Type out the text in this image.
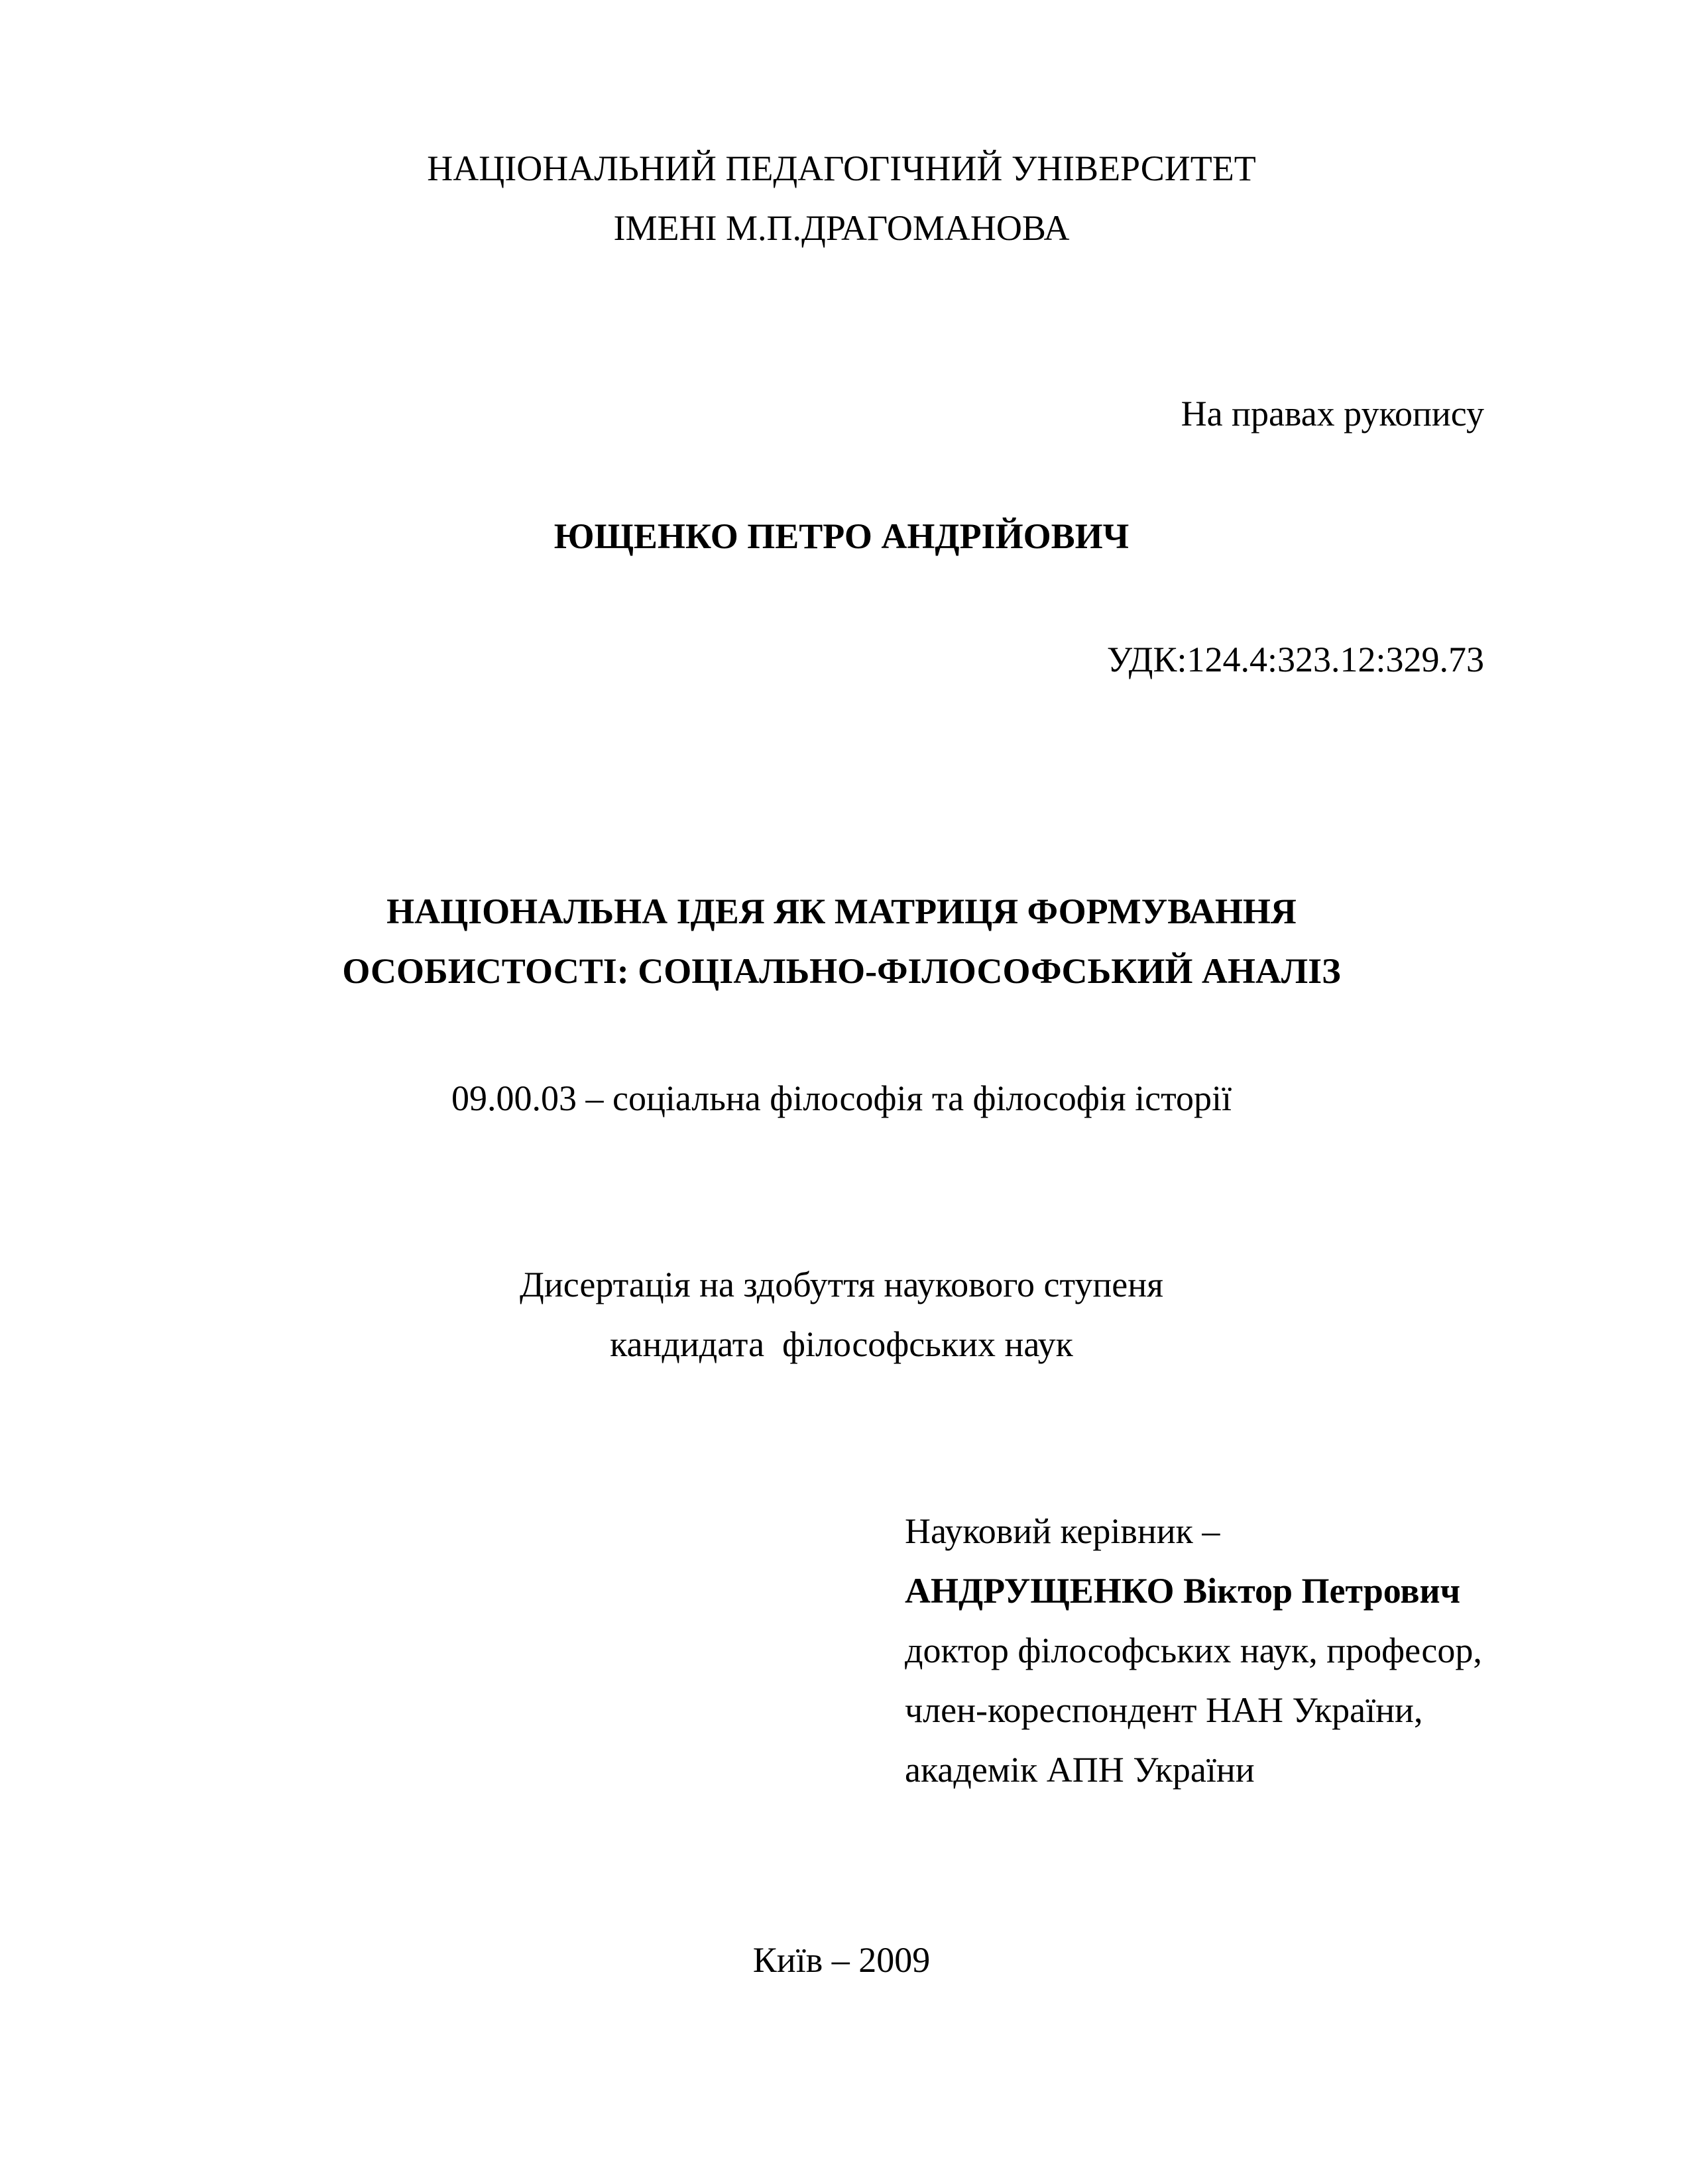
НАЦІОНАЛЬНИЙ ПЕДАГОГІЧНИЙ УНІВЕРСИТЕТ
ІМЕНІ М.П.ДРАГОМАНОВА
На правах рукопису
ЮЩЕНКО ПЕТРО АНДРІЙОВИЧ
УДК:124.4:323.12:329.73
НАЦІОНАЛЬНА ІДЕЯ ЯК МАТРИЦЯ ФОРМУВАННЯ
ОСОБИСТОСТІ: СОЦІАЛЬНО-ФІЛОСОФСЬКИЙ АНАЛІЗ
09.00.03 – соціальна філософія та філософія історії
Дисертація на здобуття наукового ступеня
кандидата  філософських наук
Науковий керівник –
АНДРУЩЕНКО Віктор Петрович
доктор філософських наук, професор,
член-кореспондент НАН України,
академік АПН України
Київ – 2009
